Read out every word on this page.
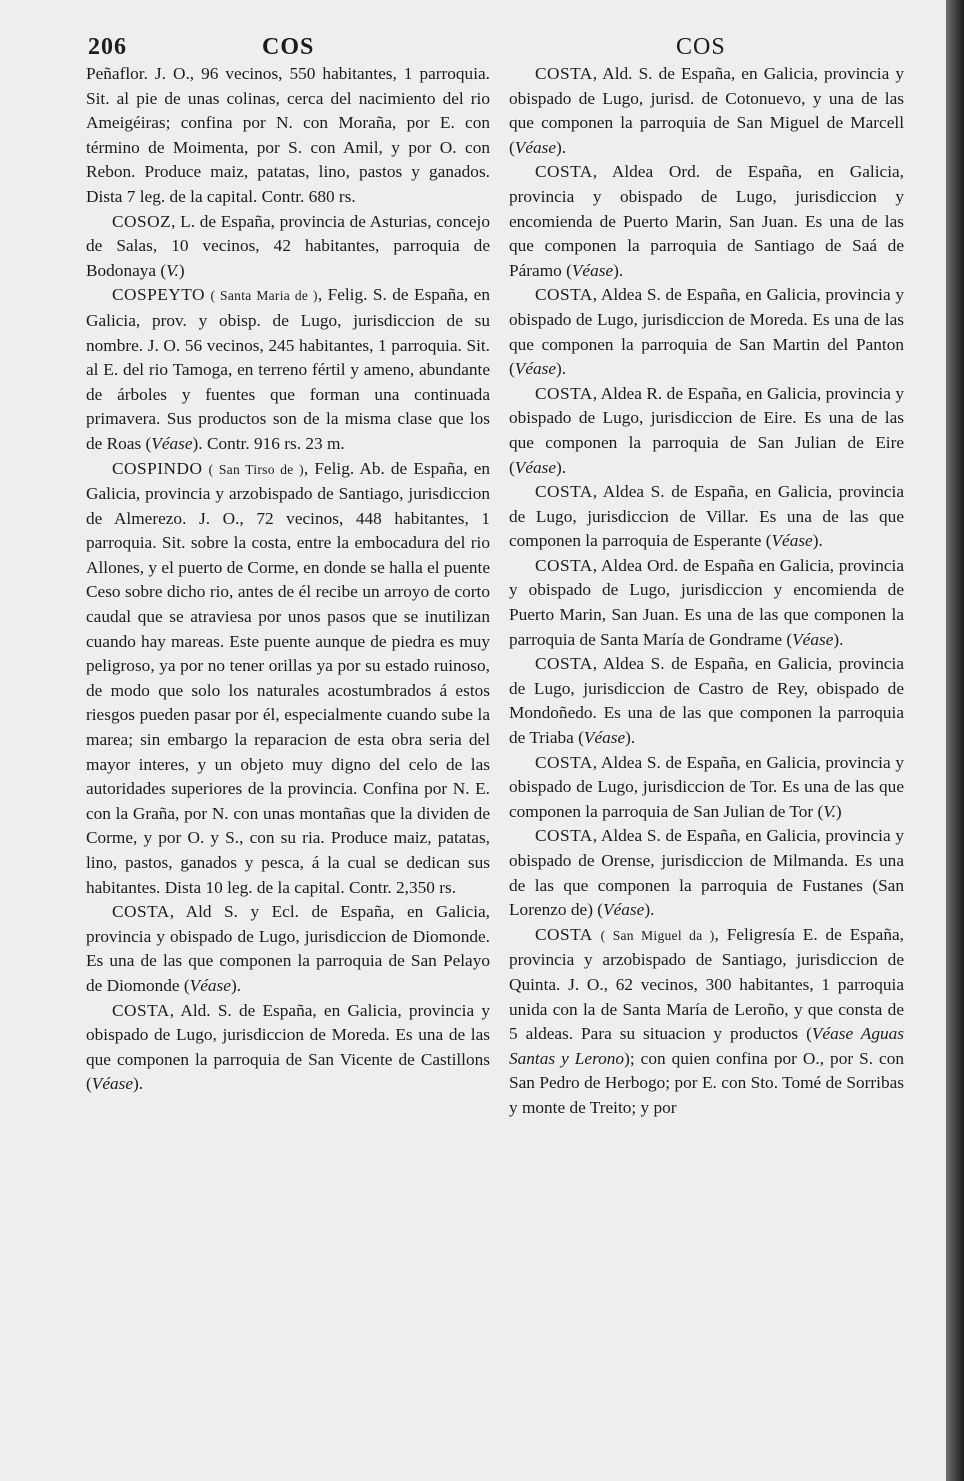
206	COS	COS

Peñaflor. J. O., 96 vecinos, 550 habitantes, 1 parroquia. Sit. al pie de unas colinas, cerca del nacimiento del rio Ameigéiras; confina por N. con Moraña, por E. con término de Moimenta, por S. con Amil, y por O. con Rebon. Produce maiz, patatas, lino, pastos y ganados. Dista 7 leg. de la capital. Contr. 680 rs.

COSOZ, L. de España, provincia de Asturias, concejo de Salas, 10 vecinos, 42 habitantes, parroquia de Bodonaya (V.)

COSPEYTO ( Santa Maria de ), Felig. S. de España, en Galicia, prov. y obisp. de Lugo, jurisdiccion de su nombre. J. O. 56 vecinos, 245 habitantes, 1 parroquia. Sit. al E. del rio Tamoga, en terreno fértil y ameno, abundante de árboles y fuentes que forman una continuada primavera. Sus productos son de la misma clase que los de Roas (Véase). Contr. 916 rs. 23 m.

COSPINDO ( San Tirso de ), Felig. Ab. de España, en Galicia, provincia y arzobispado de Santiago, jurisdiccion de Almerezo. J. O., 72 vecinos, 448 habitantes, 1 parroquia. Sit. sobre la costa, entre la embocadura del rio Allones, y el puerto de Corme, en donde se halla el puente Ceso sobre dicho rio, antes de él recibe un arroyo de corto caudal que se atraviesa por unos pasos que se inutilizan cuando hay mareas. Este puente aunque de piedra es muy peligroso, ya por no tener orillas ya por su estado ruinoso, de modo que solo los naturales acostumbrados á estos riesgos pueden pasar por él, especialmente cuando sube la marea; sin embargo la reparacion de esta obra seria del mayor interes, y un objeto muy digno del celo de las autoridades superiores de la provincia. Confina por N. E. con la Graña, por N. con unas montañas que la dividen de Corme, y por O. y S., con su ria. Produce maiz, patatas, lino, pastos, ganados y pesca, á la cual se dedican sus habitantes. Dista 10 leg. de la capital. Contr. 2,350 rs.

COSTA, Ald S. y Ecl. de España, en Galicia, provincia y obispado de Lugo, jurisdiccion de Diomonde. Es una de las que componen la parroquia de San Pelayo de Diomonde (Véase).

COSTA, Ald. S. de España, en Galicia, provincia y obispado de Lugo, jurisdiccion de Moreda. Es una de las que componen la parroquia de San Vicente de Castillons (Véase).

COSTA, Ald. S. de España, en Galicia, provincia y obispado de Lugo, jurisd. de Cotonuevo, y una de las que componen la parroquia de San Miguel de Marcell (Véase).

COSTA, Aldea Ord. de España, en Galicia, provincia y obispado de Lugo, jurisdiccion y encomienda de Puerto Marin, San Juan. Es una de las que componen la parroquia de Santiago de Saá de Páramo (Véase).

COSTA, Aldea S. de España, en Galicia, provincia y obispado de Lugo, jurisdiccion de Moreda. Es una de las que componen la parroquia de San Martin del Panton (Véase).

COSTA, Aldea R. de España, en Galicia, provincia y obispado de Lugo, jurisdiccion de Eire. Es una de las que componen la parroquia de San Julian de Eire (Véase).

COSTA, Aldea S. de España, en Galicia, provincia de Lugo, jurisdiccion de Villar. Es una de las que componen la parroquia de Esperante (Véase).

COSTA, Aldea Ord. de España en Galicia, provincia y obispado de Lugo, jurisdiccion y encomienda de Puerto Marin, San Juan. Es una de las que componen la parroquia de Santa María de Gondrame (Véase).

COSTA, Aldea S. de España, en Galicia, provincia de Lugo, jurisdiccion de Castro de Rey, obispado de Mondoñedo. Es una de las que componen la parroquia de Triaba (Véase).

COSTA, Aldea S. de España, en Galicia, provincia y obispado de Lugo, jurisdiccion de Tor. Es una de las que componen la parroquia de San Julian de Tor (V.)

COSTA, Aldea S. de España, en Galicia, provincia y obispado de Orense, jurisdiccion de Milmanda. Es una de las que componen la parroquia de Fustanes (San Lorenzo de) (Véase).

COSTA ( San Miguel da ), Feligresía E. de España, provincia y arzobispado de Santiago, jurisdiccion de Quinta. J. O., 62 vecinos, 300 habitantes, 1 parroquia unida con la de Santa María de Leroño, y que consta de 5 aldeas. Para su situacion y productos (Véase Aguas Santas y Lerono); con quien confina por O., por S. con San Pedro de Herbogo; por E. con Sto. Tomé de Sorribas y monte de Treito; y por
